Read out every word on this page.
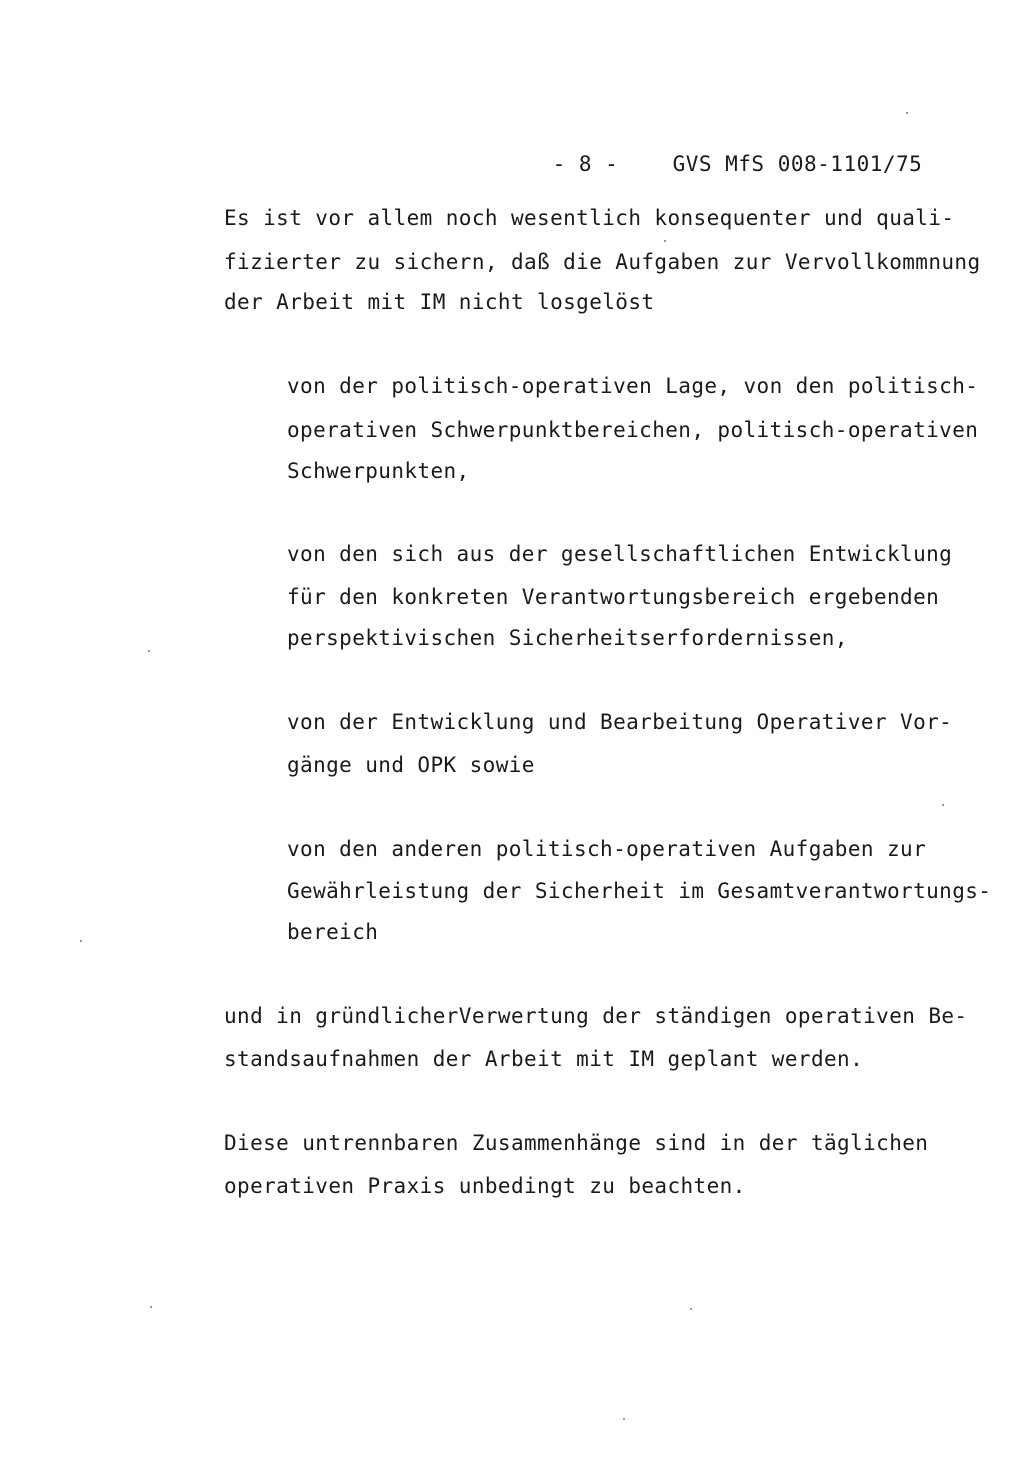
- 8 -	GVS MfS 008-1101/75

Es ist vor allem noch wesentlich konsequenter und quali-
fizierter zu sichern, daß die Aufgaben zur Vervollkommnung
der Arbeit mit IM nicht losgelöst
von der politisch-operativen Lage, von den politisch-
operativen Schwerpunktbereichen, politisch-operativen
Schwerpunkten,
von den sich aus der gesellschaftlichen Entwicklung
für den konkreten Verantwortungsbereich ergebenden
perspektivischen Sicherheitserfordernissen,
von der Entwicklung und Bearbeitung Operativer Vor-
gänge und OPK sowie
von den anderen politisch-operativen Aufgaben zur
Gewährleistung der Sicherheit im Gesamtverantwortungs-
bereich
und in gründlicherVerwertung der ständigen operativen Be-
standsaufnahmen der Arbeit mit IM geplant werden.
Diese untrennbaren Zusammenhänge sind in der täglichen
operativen Praxis unbedingt zu beachten.
